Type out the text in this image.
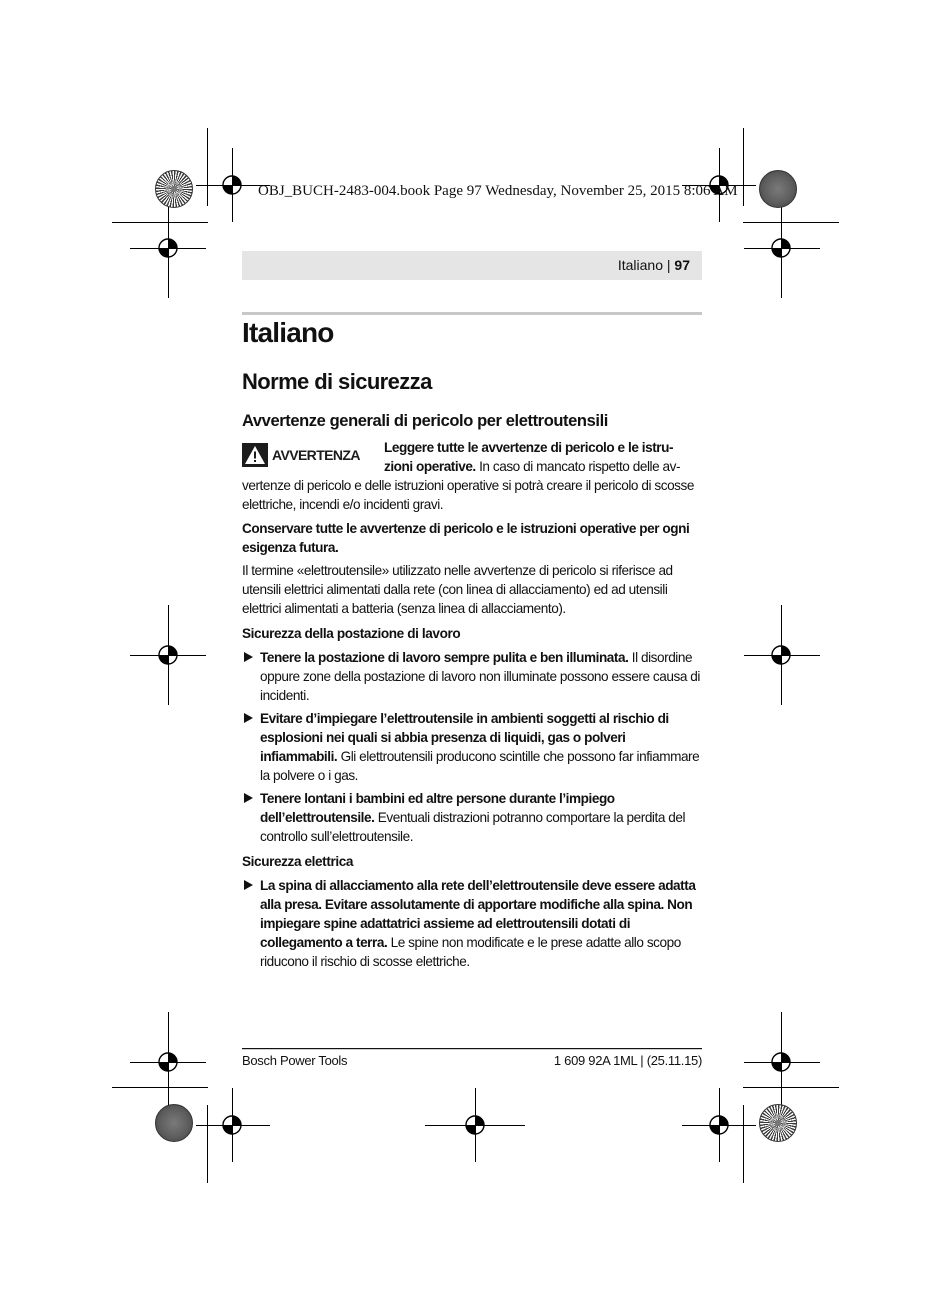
OBJ_BUCH-2483-004.book Page 97 Wednesday, November 25, 2015 8:06 AM
Italiano | 97
Italiano
Norme di sicurezza
Avvertenze generali di pericolo per elettroutensili
AVVERTENZA Leggere tutte le avvertenze di pericolo e le istru-
zioni operative. In caso di mancato rispetto delle av-
vertenze di pericolo e delle istruzioni operative si potrà creare il pericolo di scosse elettriche, incendi e/o incidenti gravi.
Conservare tutte le avvertenze di pericolo e le istruzioni operative per ogni esigenza futura.
Il termine «elettroutensile» utilizzato nelle avvertenze di pericolo si riferisce ad utensili elettrici alimentati dalla rete (con linea di allacciamento) ed ad utensili elettrici alimentati a batteria (senza linea di allacciamento).
Sicurezza della postazione di lavoro
Tenere la postazione di lavoro sempre pulita e ben illuminata. Il disordine oppure zone della postazione di lavoro non illuminate possono essere causa di incidenti.
Evitare d’impiegare l’elettroutensile in ambienti soggetti al rischio di esplosioni nei quali si abbia presenza di liquidi, gas o polveri infiammabili. Gli elettroutensili producono scintille che possono far infiammare la polvere o i gas.
Tenere lontani i bambini ed altre persone durante l’impiego dell’elettroutensile. Eventuali distrazioni potranno comportare la perdita del controllo sull’elettroutensile.
Sicurezza elettrica
La spina di allacciamento alla rete dell’elettroutensile deve essere adatta alla presa. Evitare assolutamente di apportare modifiche alla spina. Non impiegare spine adattatrici assieme ad elettroutensili dotati di collegamento a terra. Le spine non modificate e le prese adatte allo scopo riducono il rischio di scosse elettriche.
Bosch Power Tools	1 609 92A 1ML | (25.11.15)
